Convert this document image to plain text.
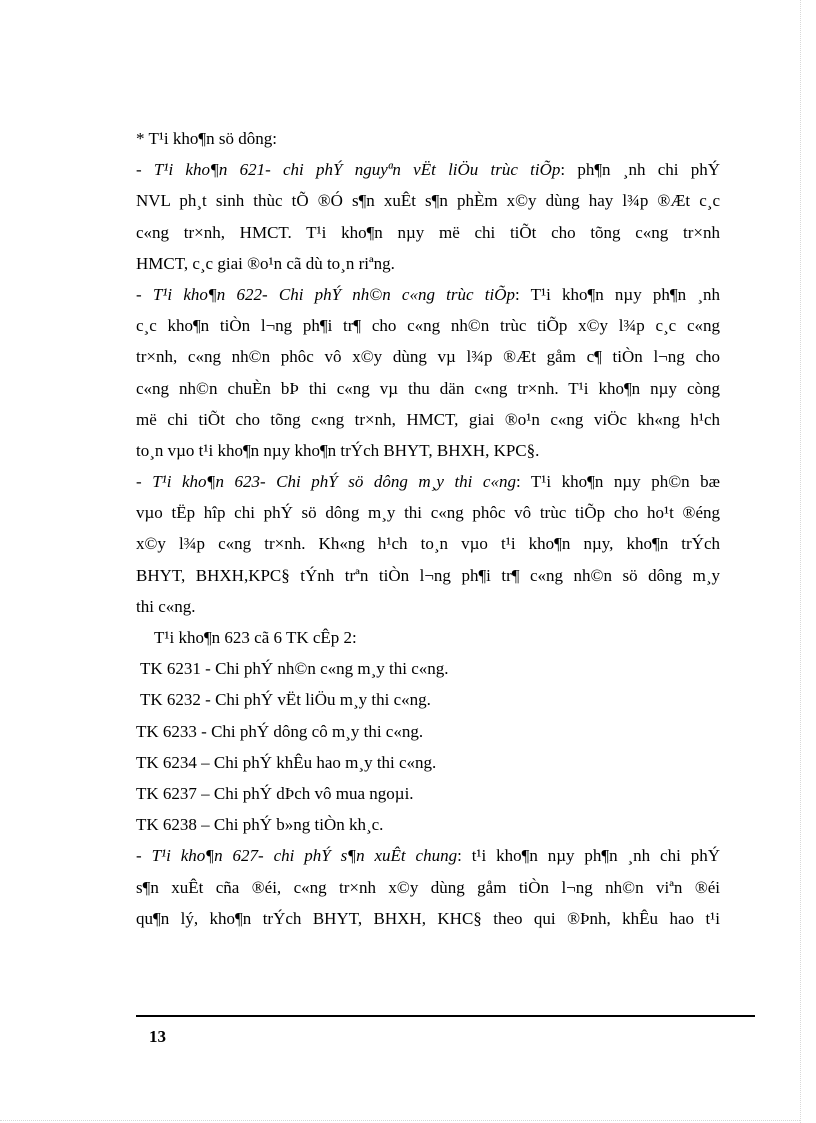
* T¹i kho¶n sö dông:
- T¹i kho¶n 621- chi phÝ nguyªn vËt liÖu trùc tiÕp: ph¶n ¸nh chi phÝ
NVL ph¸t sinh thùc tÕ ®Ó s¶n xuÊt s¶n phÈm x©y dùng hay l¾p ®Æt c¸c
c«ng tr×nh, HMCT. T¹i kho¶n nµy më chi tiÕt cho tõng c«ng tr×nh
HMCT, c¸c giai ®o¹n cã dù to¸n riªng.
- T¹i kho¶n 622- Chi phÝ nh©n c«ng trùc tiÕp: T¹i kho¶n nµy ph¶n ¸nh
c¸c kho¶n tiÒn l¬ng ph¶i tr¶ cho c«ng nh©n trùc tiÕp x©y l¾p c¸c c«ng
tr×nh, c«ng nh©n phôc vô x©y dùng vµ l¾p ®Æt gåm c¶ tiÒn l¬ng cho
c«ng nh©n chuÈn bÞ thi c«ng vµ thu dän c«ng tr×nh. T¹i kho¶n nµy còng
më chi tiÕt cho tõng c«ng tr×nh, HMCT, giai ®o¹n c«ng viÖc kh«ng h¹ch
to¸n vµo t¹i kho¶n nµy kho¶n trÝch BHYT, BHXH, KPC§.
- T¹i kho¶n 623- Chi phÝ sö dông m¸y thi c«ng: T¹i kho¶n nµy ph©n bæ
vµo tËp hîp chi phÝ sö dông m¸y thi c«ng phôc vô trùc tiÕp cho ho¹t ®éng
x©y l¾p c«ng tr×nh. Kh«ng h¹ch to¸n vµo t¹i kho¶n nµy, kho¶n trÝch
BHYT, BHXH,KPC§ tÝnh trªn tiÒn l¬ng ph¶i tr¶ c«ng nh©n sö dông m¸y
thi c«ng.
T¹i kho¶n 623 cã 6 TK cÊp 2:
TK 6231 - Chi phÝ nh©n c«ng m¸y thi c«ng.
TK 6232 - Chi phÝ vËt liÖu m¸y thi c«ng.
TK 6233 - Chi phÝ dông cô m¸y thi c«ng.
TK 6234 – Chi phÝ khÊu hao m¸y thi c«ng.
TK 6237 – Chi phÝ dÞch vô mua ngoµi.
TK 6238 – Chi phÝ b»ng tiÒn kh¸c.
- T¹i kho¶n 627- chi phÝ s¶n xuÊt chung: t¹i kho¶n nµy ph¶n ¸nh chi phÝ
s¶n xuÊt cña ®éi, c«ng tr×nh x©y dùng gåm tiÒn l¬ng nh©n viªn ®éi
qu¶n lý, kho¶n trÝch BHYT, BHXH, KHC§ theo qui ®Þnh, khÊu hao t¹i
13
